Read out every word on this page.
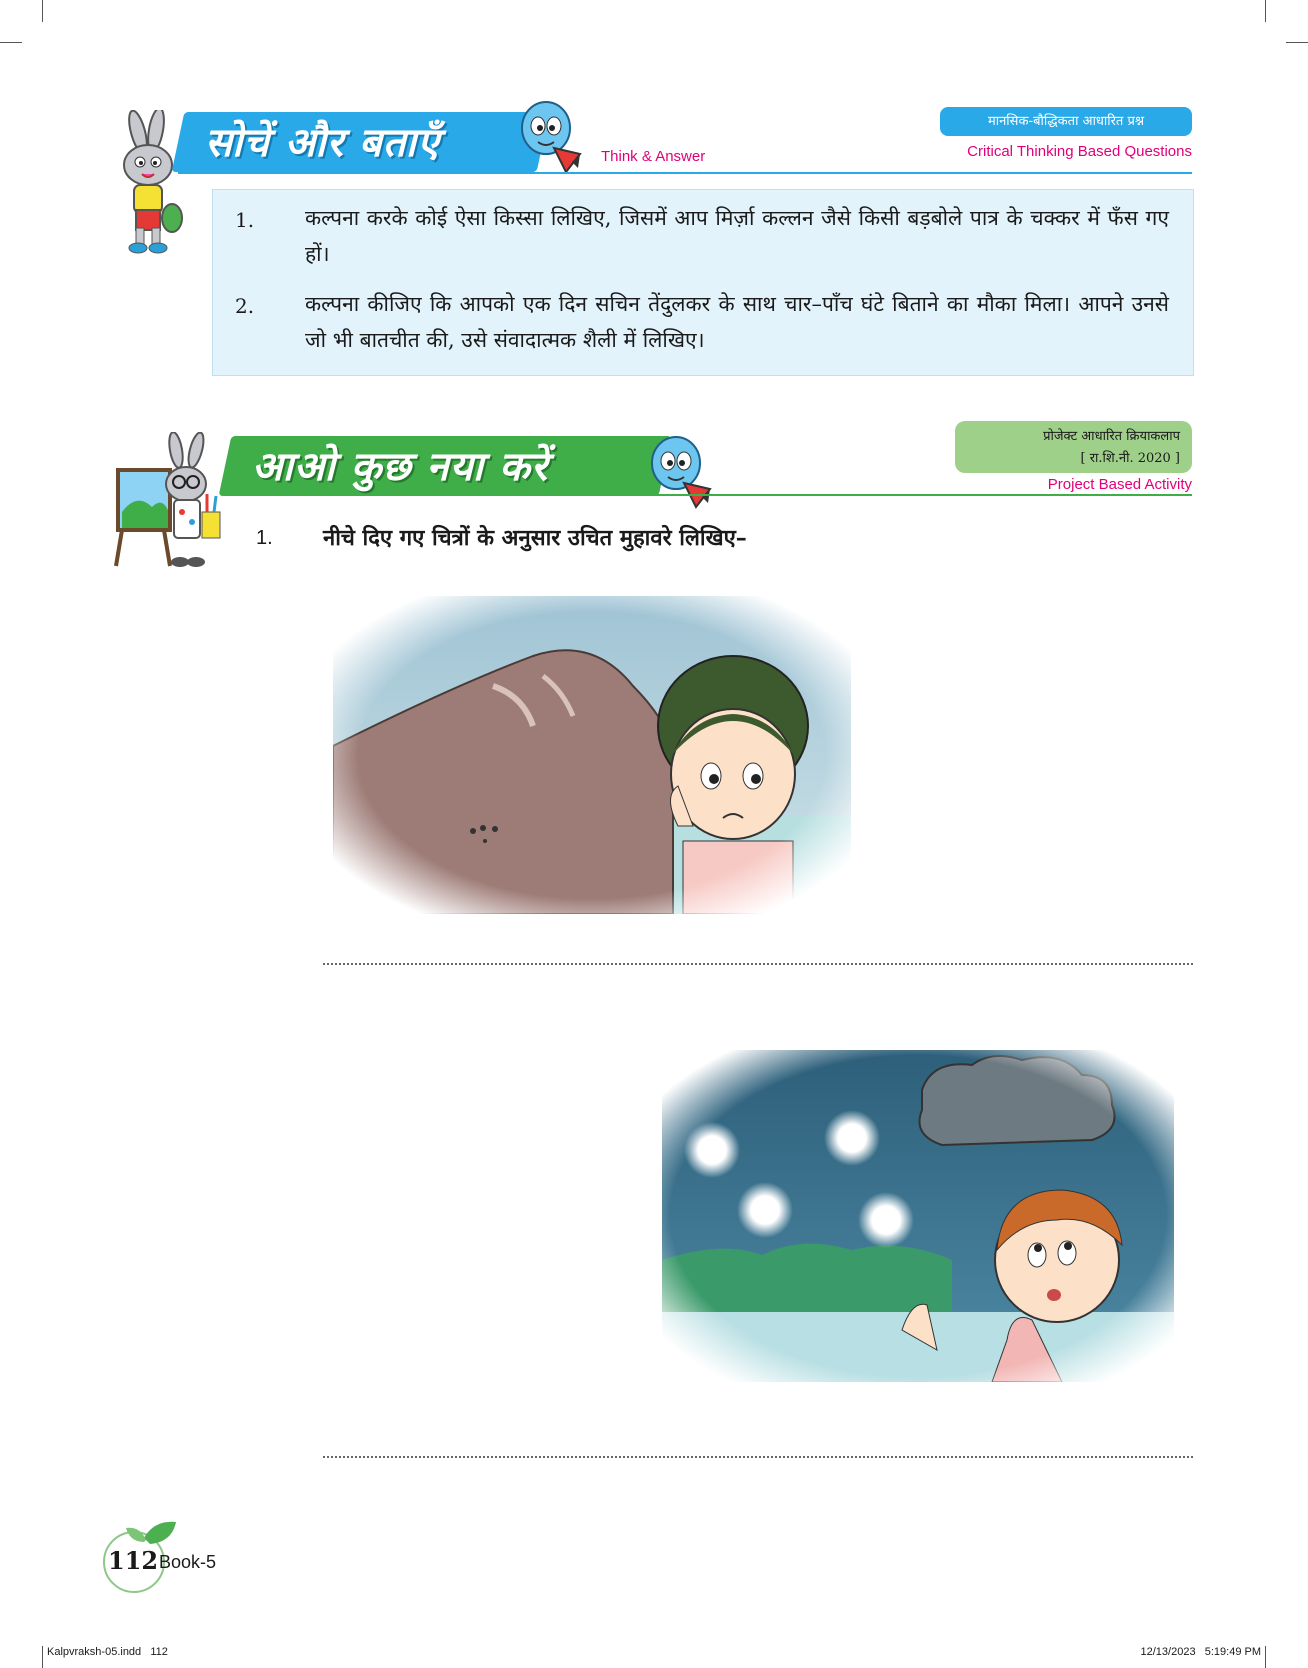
सोचें और बताएँ	Think & Answer
मानसिक-बौद्धिकता आधारित प्रश्न
Critical Thinking Based Questions
1. कल्पना करके कोई ऐसा किस्सा लिखिए, जिसमें आप मिर्ज़ा कल्लन जैसे किसी बड़बोले पात्र के चक्कर में फँस गए हों।
2. कल्पना कीजिए कि आपको एक दिन सचिन तेंदुलकर के साथ चार–पाँच घंटे बिताने का मौका मिला। आपने उनसे जो भी बातचीत की, उसे संवादात्मक शैली में लिखिए।
आओ कुछ नया करें
प्रोजेक्ट आधारित क्रियाकलाप
[ रा.शि.नी. 2020 ]
Project Based Activity
1. नीचे दिए गए चित्रों के अनुसार उचित मुहावरे लिखिए–
112 Book-5
Kalpvraksh-05.indd   112	12/13/2023   5:19:49 PM
